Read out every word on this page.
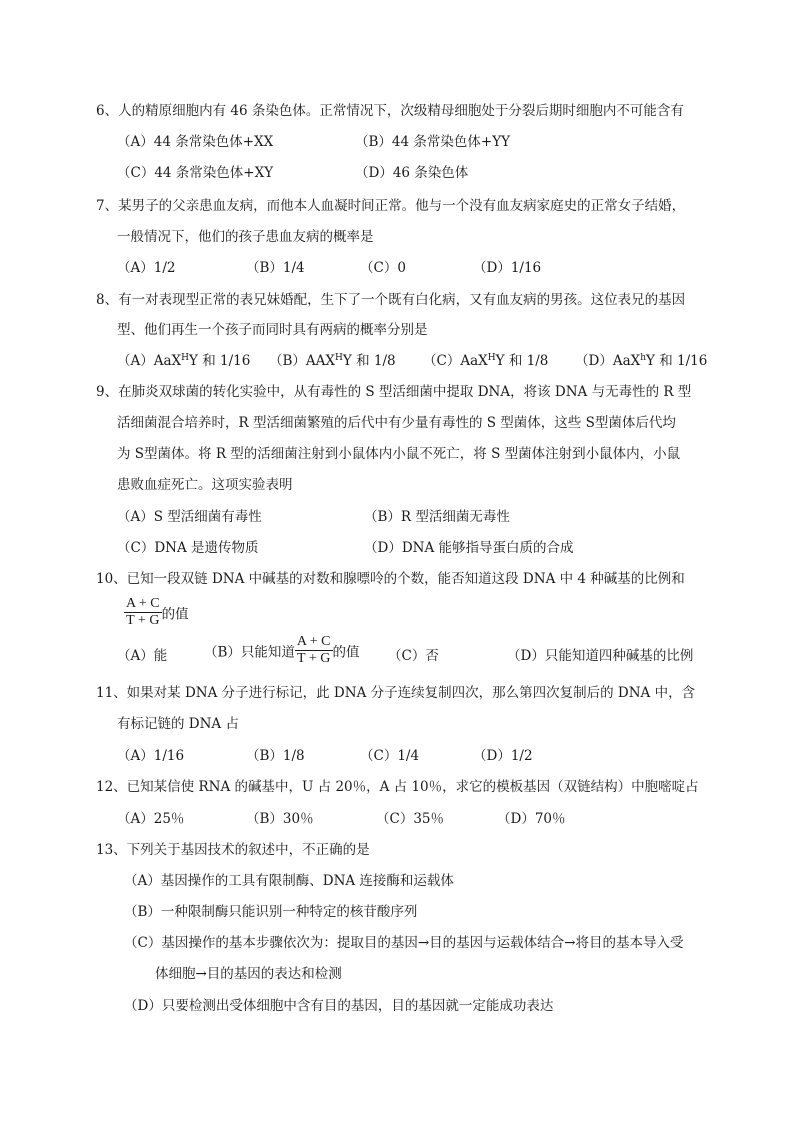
6、人的精原细胞内有 46 条染色体。正常情况下，次级精母细胞处于分裂后期时细胞内不可能含有
（A）44 条常染色体+XX	（B）44 条常染色体+YY
（C）44 条常染色体+XY	（D）46 条染色体
7、某男子的父亲患血友病，而他本人血凝时间正常。他与一个没有血友病家庭史的正常女子结婚，
一般情况下，他们的孩子患血友病的概率是
（A）1/2	（B）1/4	（C）0	（D）1/16
8、有一对表现型正常的表兄妹婚配，生下了一个既有白化病，又有血友病的男孩。这位表兄的基因
型、他们再生一个孩子而同时具有两病的概率分别是
（A）AaX$^H$Y 和 1/16 $(B)AAX^HY$ 和 1/8 （C）AaX$^H$Y 和 1/8 （D）AaX$^h$Y 和 1/16
9、在肺炎双球菌的转化实验中，从有毒性的 S 型活细菌中提取 DNA，将该 DNA 与无毒性的 R 型
活细菌混合培养时，R 型活细菌繁殖的后代中有少量有毒性的 S 型菌体，这些 S型菌体后代均
为 S型菌体。将 R 型的活细菌注射到小鼠体内小鼠不死亡，将 S 型菌体注射到小鼠体内，小鼠
患败血症死亡。这项实验表明
（A）S 型活细菌有毒性	（B）R 型活细菌无毒性
（C）DNA 是遗传物质	（D）DNA 能够指导蛋白质的合成
10、已知一段双链 DNA 中碱基的对数和腺嘌呤的个数，能否知道这段 DNA 中 4 种碱基的比例和
$\frac{A + C}{T + G}$ 的值
（A）能	（B）只能知道 $\frac{A + C}{T + G}$ 的值 （C）否	（D）只能知道四种碱基的比例
11、如果对某 DNA 分子进行标记，此 DNA 分子连续复制四次，那么第四次复制后的 DNA 中，含
有标记链的 DNA 占
（A）1/16	（B）1/8	（C）1/4	（D）1/2
12、已知某信使 RNA 的碱基中，U 占 20％，A 占 10％，求它的模板基因（双链结构）中胞嘧啶占
（A）25％	（B）30％	（C）35％	（D）70％
13、下列关于基因技术的叙述中，不正确的是
（A）基因操作的工具有限制酶、DNA 连接酶和运载体
（B）一种限制酶只能识别一种特定的核苷酸序列
（C）基因操作的基本步骤依次为：提取目的基因→目的基因与运载体结合→将目的基本导入受
体细胞→目的基因的表达和检测
（D）只要检测出受体细胞中含有目的基因，目的基因就一定能成功表达
